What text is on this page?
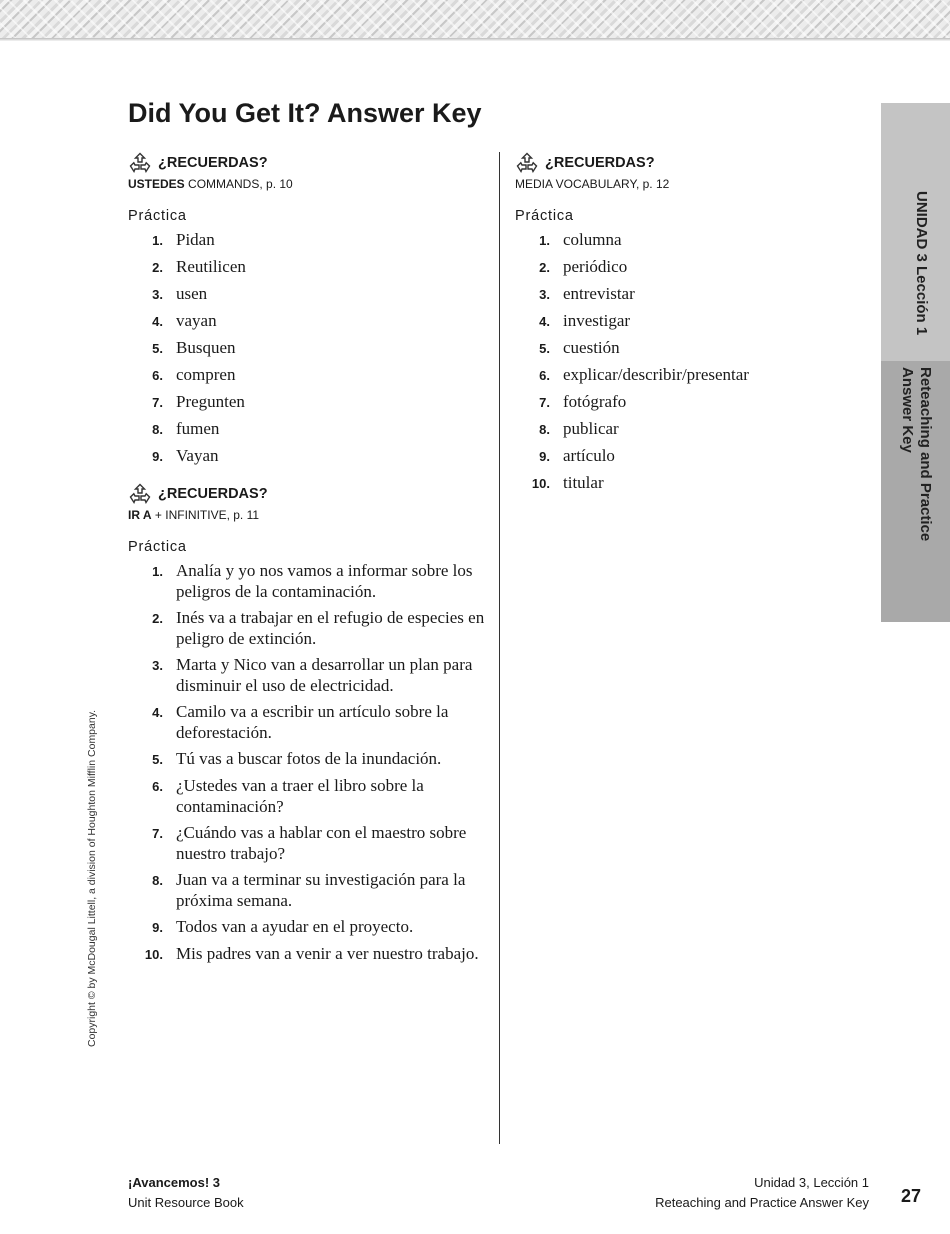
Did You Get It? Answer Key
¿RECUERDAS?
USTEDES COMMANDS, p. 10
Práctica
1. Pidan
2. Reutilicen
3. usen
4. vayan
5. Busquen
6. compren
7. Pregunten
8. fumen
9. Vayan
¿RECUERDAS?
IR A + INFINITIVE, p. 11
Práctica
1. Analía y yo nos vamos a informar sobre los peligros de la contaminación.
2. Inés va a trabajar en el refugio de especies en peligro de extinción.
3. Marta y Nico van a desarrollar un plan para disminuir el uso de electricidad.
4. Camilo va a escribir un artículo sobre la deforestación.
5. Tú vas a buscar fotos de la inundación.
6. ¿Ustedes van a traer el libro sobre la contaminación?
7. ¿Cuándo vas a hablar con el maestro sobre nuestro trabajo?
8. Juan va a terminar su investigación para la próxima semana.
9. Todos van a ayudar en el proyecto.
10. Mis padres van a venir a ver nuestro trabajo.
¿RECUERDAS?
MEDIA VOCABULARY, p. 12
Práctica
1. columna
2. periódico
3. entrevistar
4. investigar
5. cuestión
6. explicar/describir/presentar
7. fotógrafo
8. publicar
9. artículo
10. titular
UNIDAD 3 Lección 1
Reteaching and Practice
Answer Key
Copyright © by McDougal Littell, a division of Houghton Mifflin Company.
¡Avancemos! 3
Unit Resource Book
Unidad 3, Lección 1
Reteaching and Practice Answer Key 27
